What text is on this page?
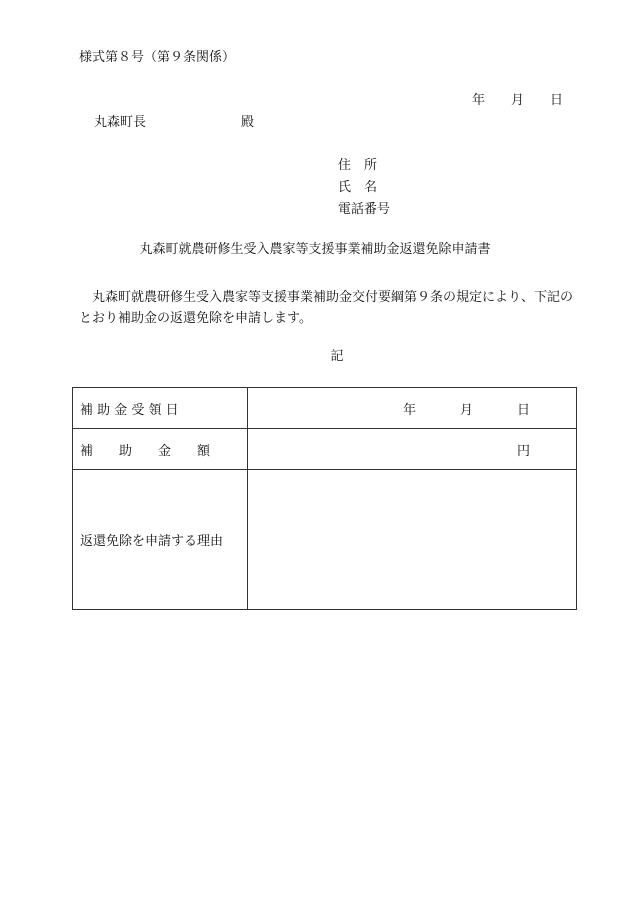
様式第８号（第９条関係）
年 月 日
丸森町長	殿
住　所
氏　名
電話番号
丸森町就農研修生受入農家等支援事業補助金返還免除申請書
丸森町就農研修生受入農家等支援事業補助金交付要綱第９条の規定により、下記のとおり補助金の返還免除を申請します。
記
補 助 金 受 領 日	年 月 日
補　　助　　金　　額	円
返還免除を申請する理由	
